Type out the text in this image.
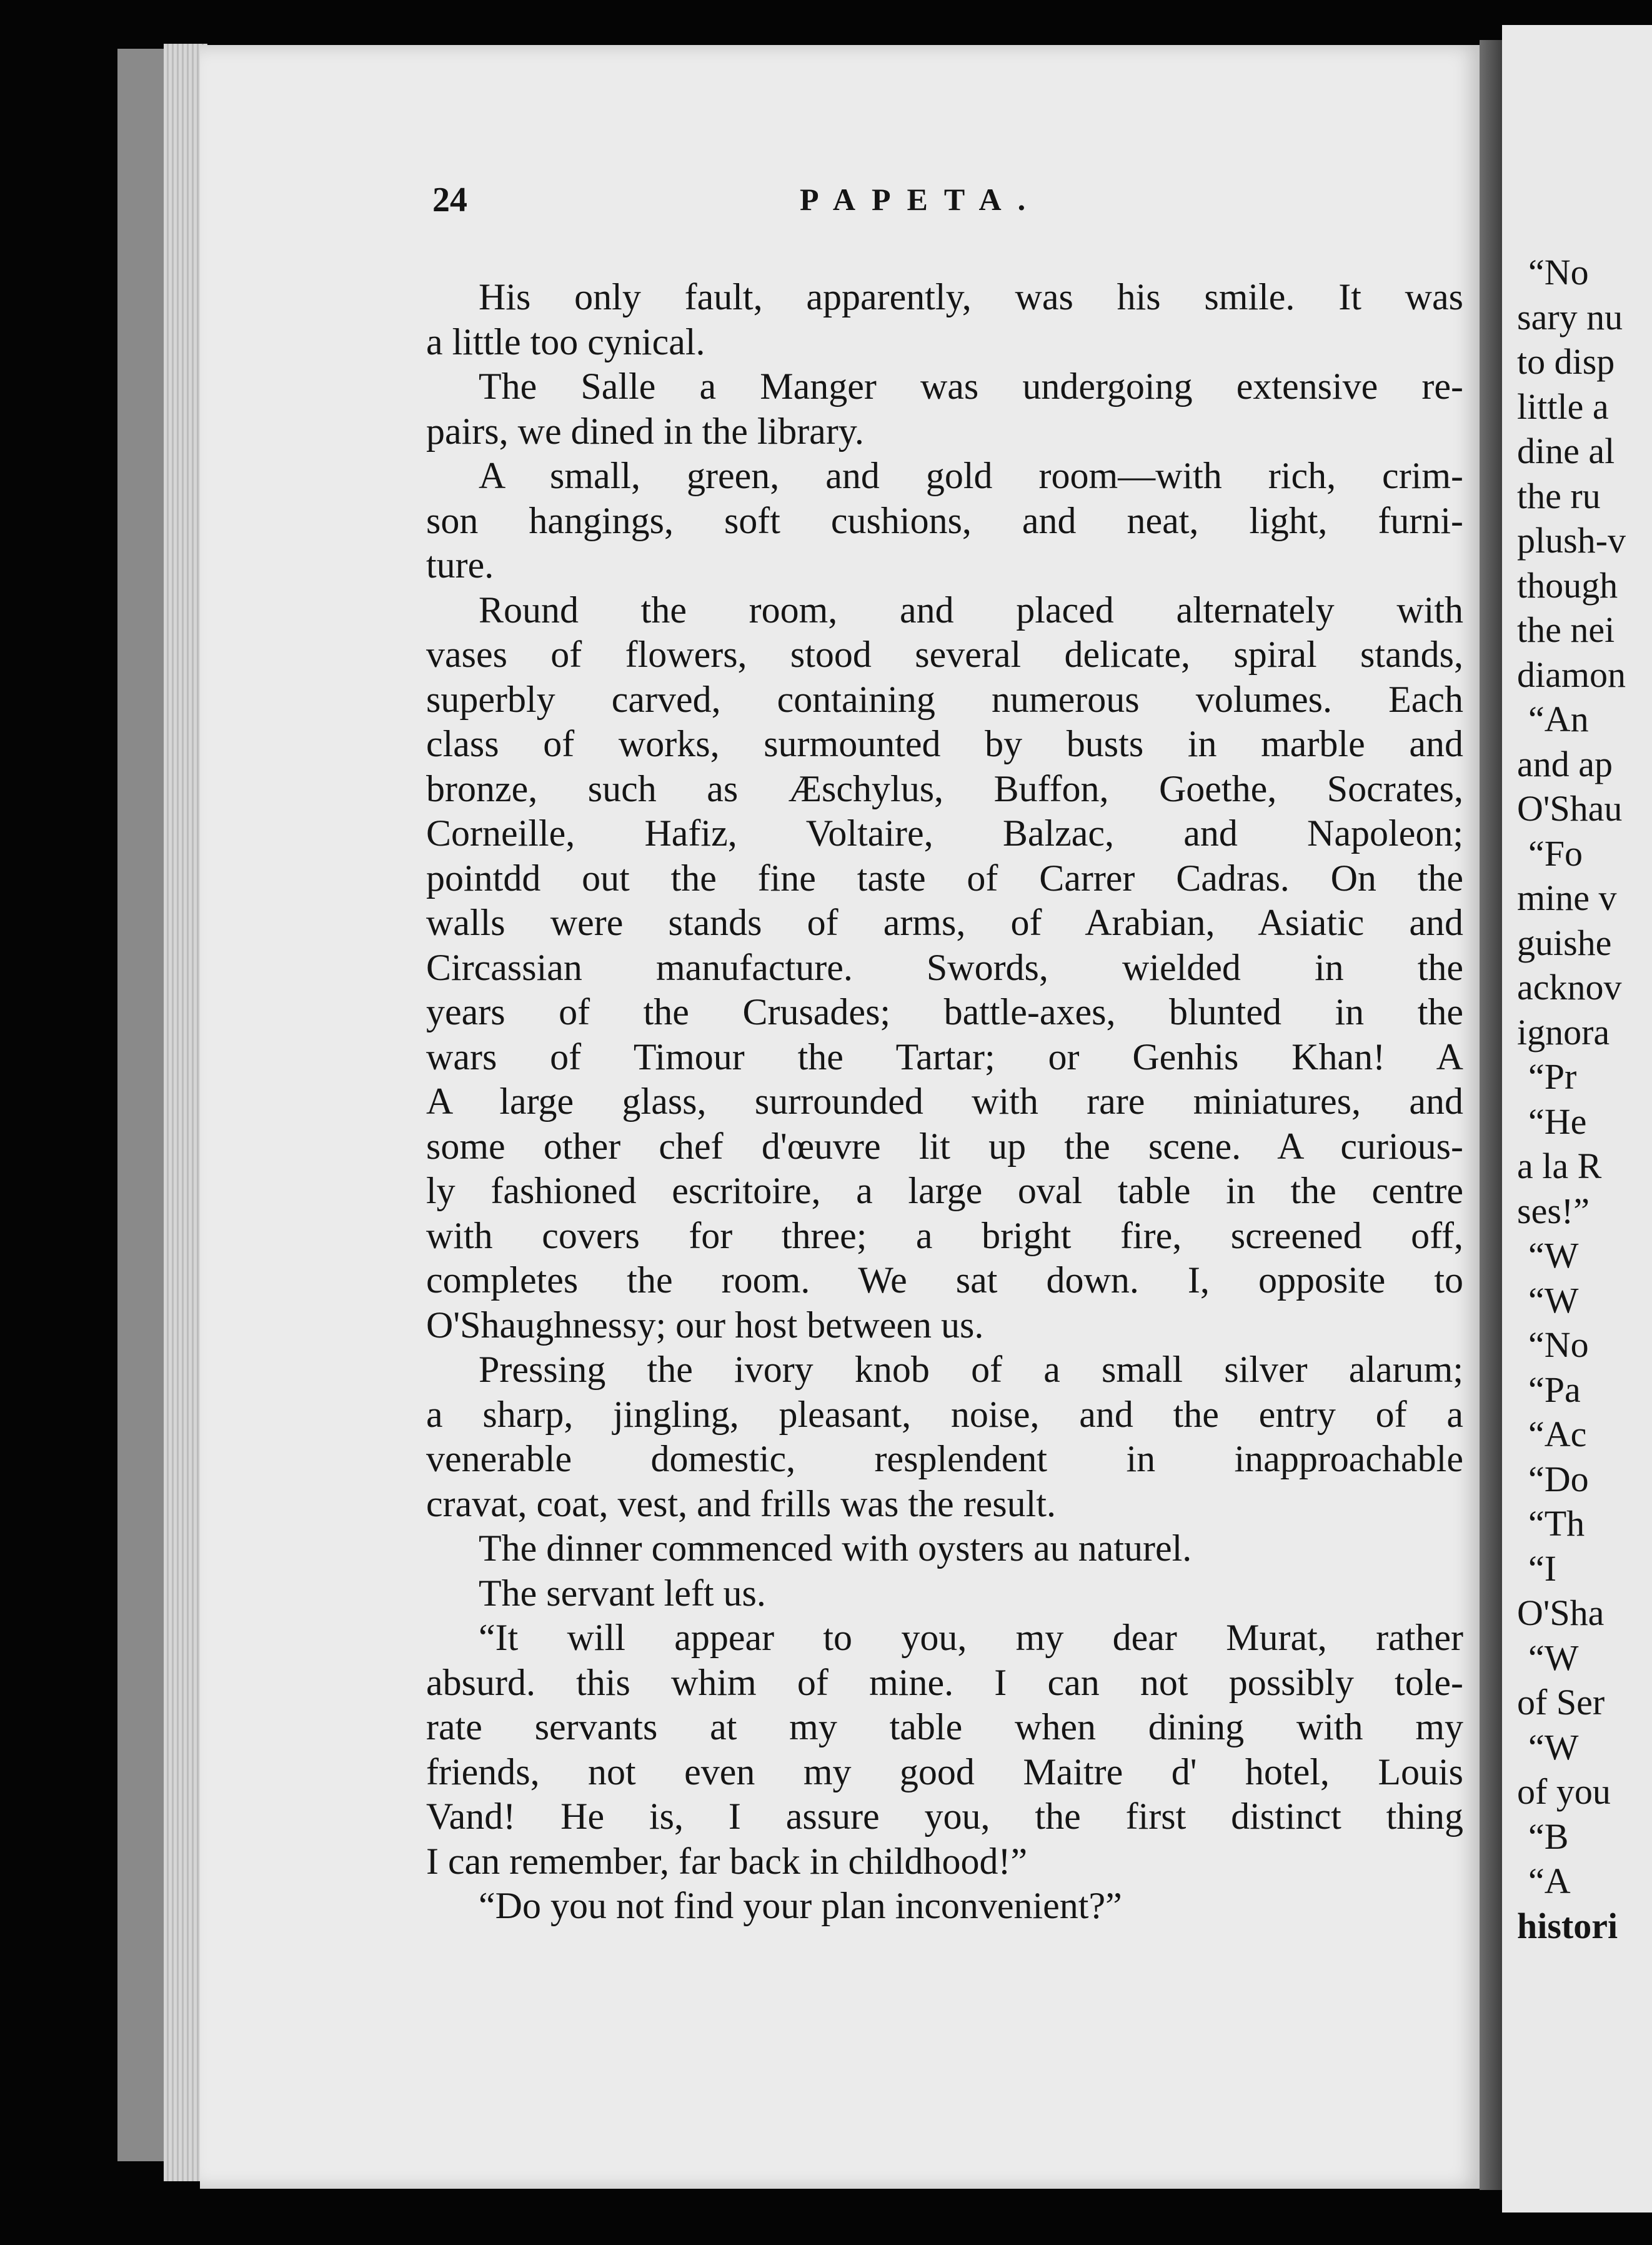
24	PAPETA.
His only fault, apparently, was his smile. It was
a little too cynical.
The Salle a Manger was undergoing extensive re-
pairs, we dined in the library.
A small, green, and gold room—with rich, crim-
son hangings, soft cushions, and neat, light, furni-
ture.
Round the room, and placed alternately with
vases of flowers, stood several delicate, spiral stands,
superbly carved, containing numerous volumes. Each
class of works, surmounted by busts in marble and
bronze, such as Æschylus, Buffon, Goethe, Socrates,
Corneille, Hafiz, Voltaire, Balzac, and Napoleon;
pointdd out the fine taste of Carrer Cadras. On the
walls were stands of arms, of Arabian, Asiatic and
Circassian manufacture. Swords, wielded in the
years of the Crusades; battle-axes, blunted in the
wars of Timour the Tartar; or Genhis Khan! A
A large glass, surrounded with rare miniatures, and
some other chef d'œuvre lit up the scene. A curious-
ly fashioned escritoire, a large oval table in the centre
with covers for three; a bright fire, screened off,
completes the room. We sat down. I, opposite to
O'Shaughnessy; our host between us.
Pressing the ivory knob of a small silver alarum;
a sharp, jingling, pleasant, noise, and the entry of a
venerable domestic, resplendent in inapproachable
cravat, coat, vest, and frills was the result.
The dinner commenced with oysters au naturel.
The servant left us.
“It will appear to you, my dear Murat, rather
absurd. this whim of mine. I can not possibly tole-
rate servants at my table when dining with my
friends, not even my good Maitre d' hotel, Louis
Vand! He is, I assure you, the first distinct thing
I can remember, far back in childhood!”
“Do you not find your plan inconvenient?”
“No
sary nu
to disp
little a
dine al
the ru
plush-v
though
the nei
diamon
“An
and ap
O'Shau
“Fo
mine v
guishe
acknov
ignora
“Pr
“He
a la R
ses!”
“W
“W
“No
“Pa
“Ac
“Do
“Th
“I
O'Sha
“W
of Ser
“W
of you
“B
“A
histori
